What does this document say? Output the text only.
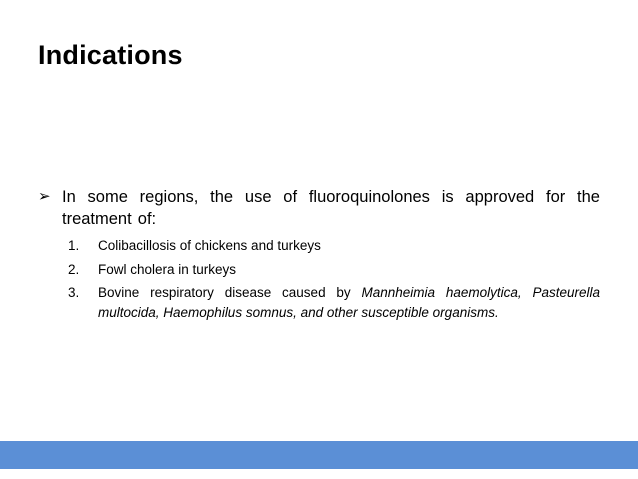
Indications
➢ In some regions, the use of fluoroquinolones is approved for the treatment of:
1.	Colibacillosis of chickens and turkeys
2.	Fowl cholera in turkeys
3.	Bovine respiratory disease caused by Mannheimia haemolytica, Pasteurella multocida, Haemophilus somnus, and other susceptible organisms.
